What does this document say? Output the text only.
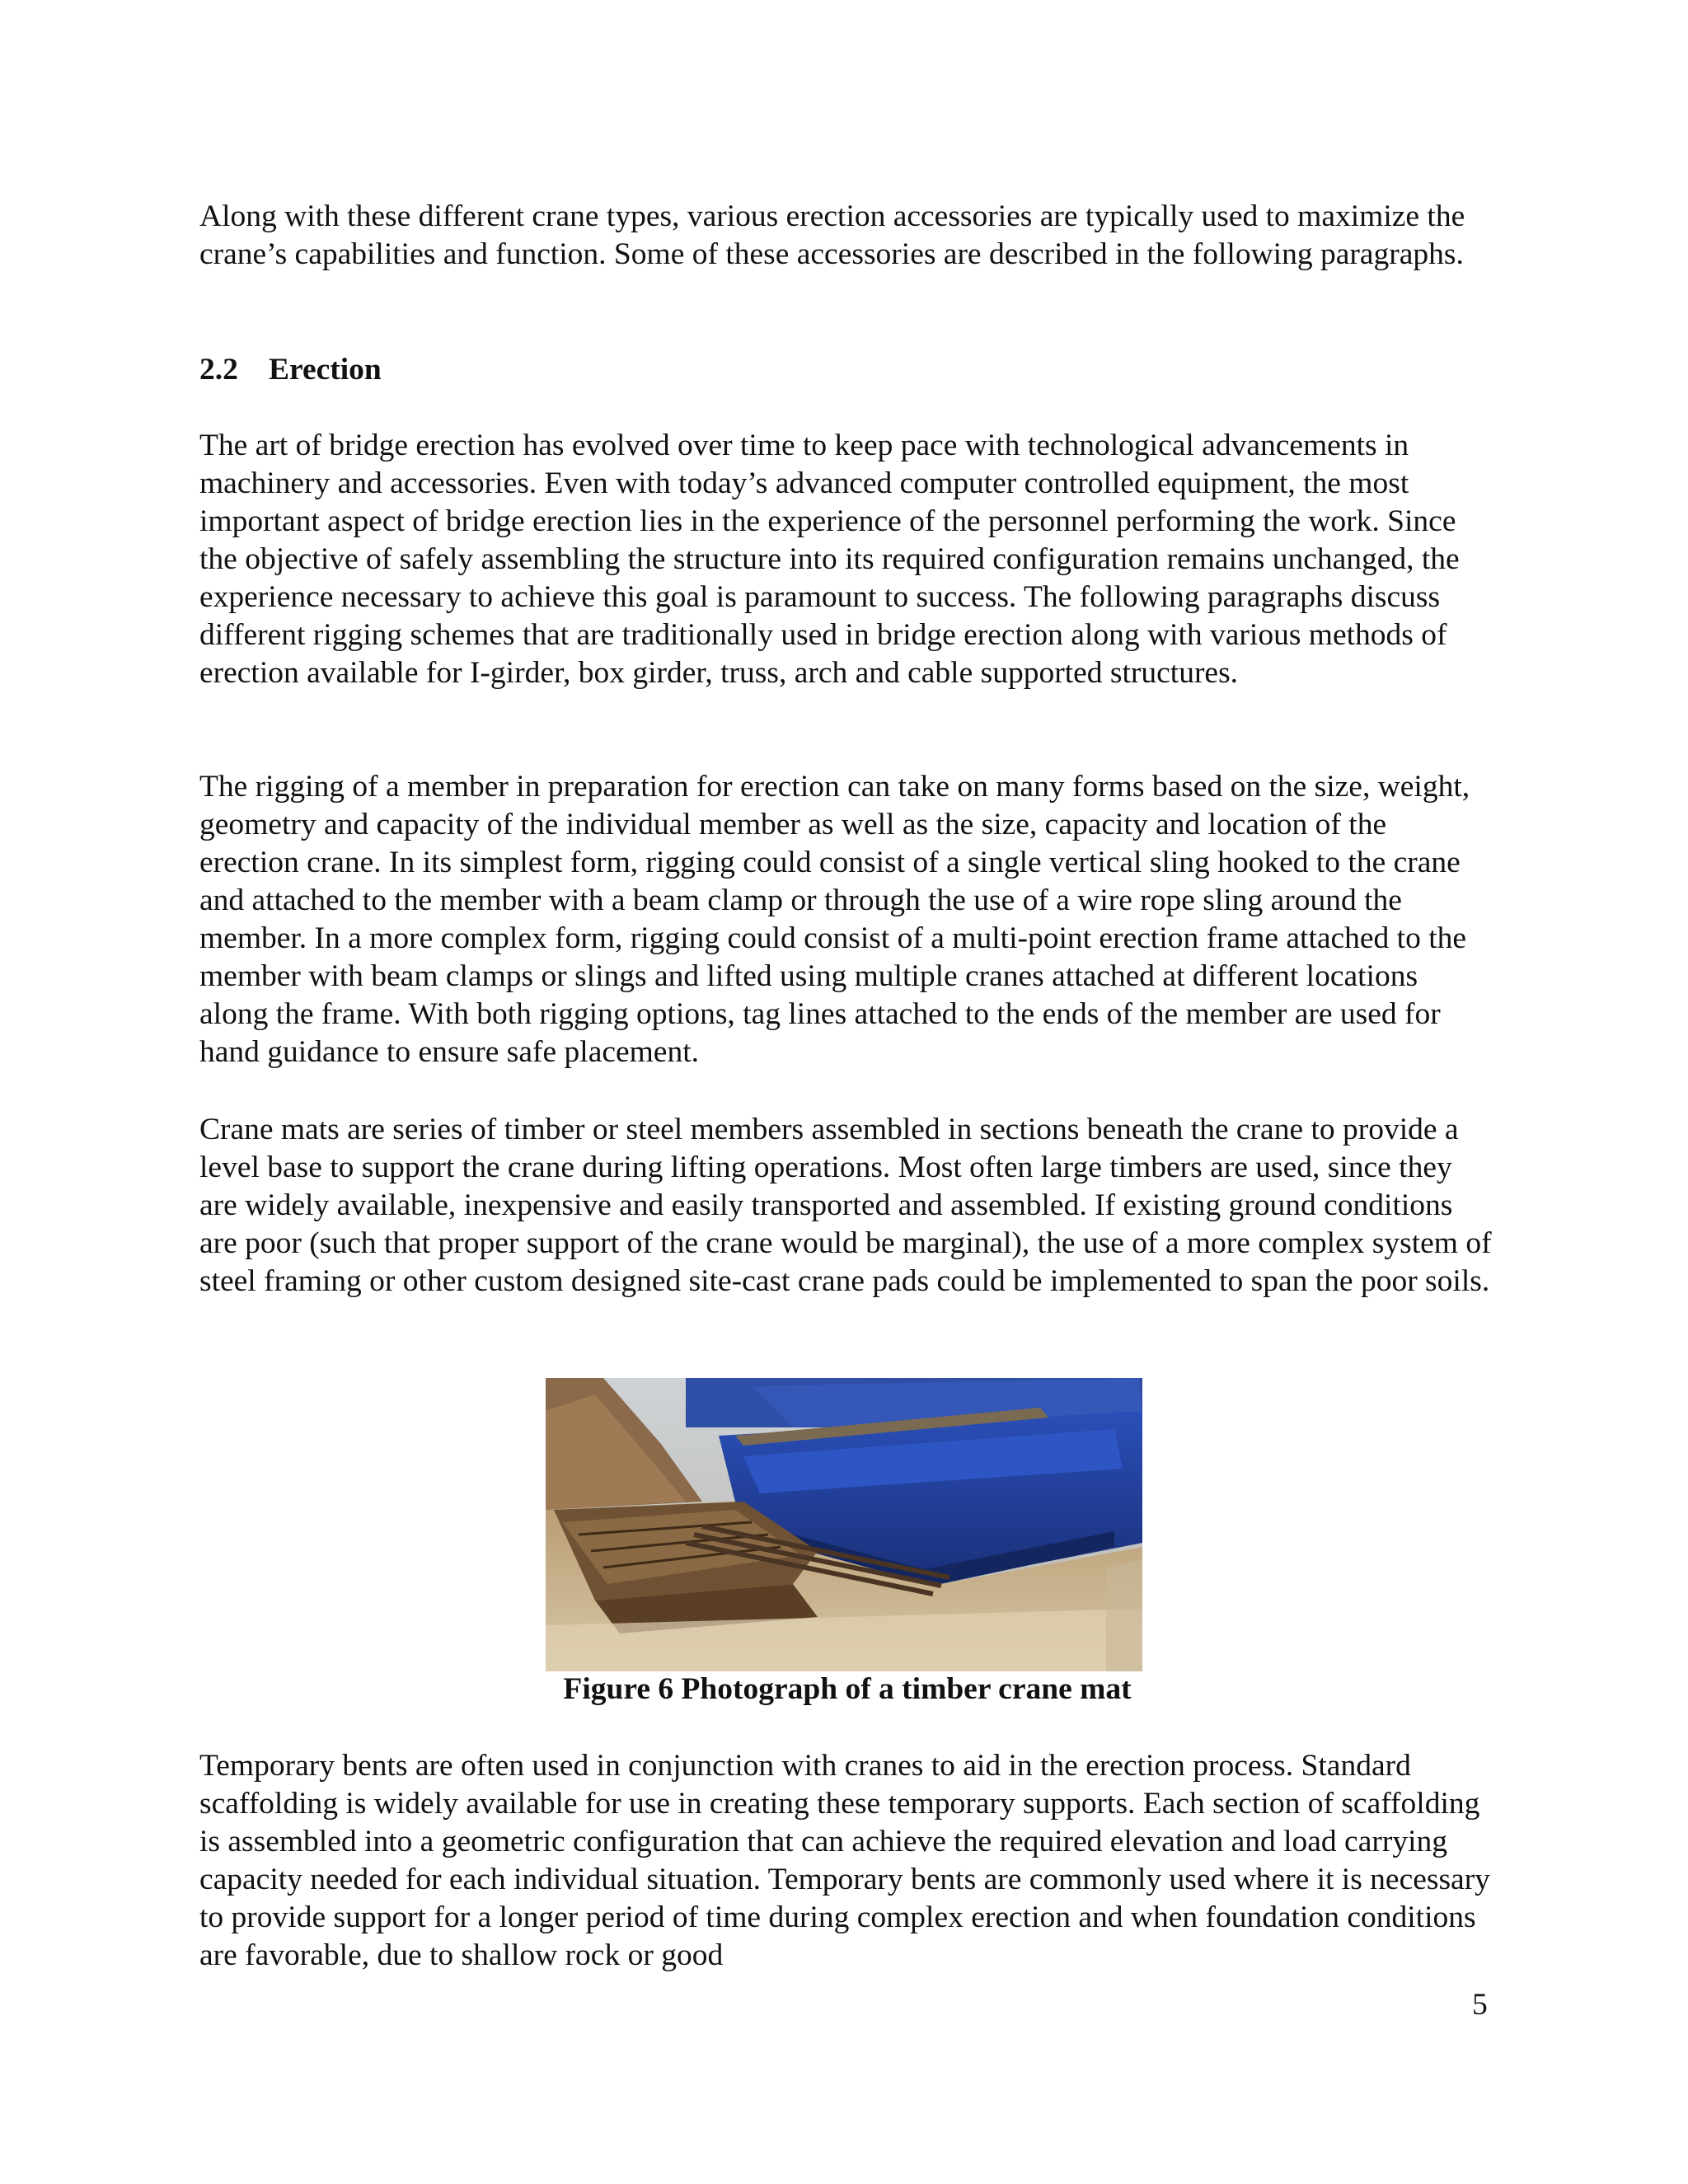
Along with these different crane types, various erection accessories are typically used to maximize the crane’s capabilities and function. Some of these accessories are described in the following paragraphs.

2.2 Erection

The art of bridge erection has evolved over time to keep pace with technological advancements in machinery and accessories. Even with today’s advanced computer controlled equipment, the most important aspect of bridge erection lies in the experience of the personnel performing the work. Since the objective of safely assembling the structure into its required configuration remains unchanged, the experience necessary to achieve this goal is paramount to success. The following paragraphs discuss different rigging schemes that are traditionally used in bridge erection along with various methods of erection available for I-girder, box girder, truss, arch and cable supported structures.

The rigging of a member in preparation for erection can take on many forms based on the size, weight, geometry and capacity of the individual member as well as the size, capacity and location of the erection crane. In its simplest form, rigging could consist of a single vertical sling hooked to the crane and attached to the member with a beam clamp or through the use of a wire rope sling around the member. In a more complex form, rigging could consist of a multi-point erection frame attached to the member with beam clamps or slings and lifted using multiple cranes attached at different locations along the frame. With both rigging options, tag lines attached to the ends of the member are used for hand guidance to ensure safe placement.

Crane mats are series of timber or steel members assembled in sections beneath the crane to provide a level base to support the crane during lifting operations. Most often large timbers are used, since they are widely available, inexpensive and easily transported and assembled. If existing ground conditions are poor (such that proper support of the crane would be marginal), the use of a more complex system of steel framing or other custom designed site-cast crane pads could be implemented to span the poor soils.

Figure 6 Photograph of a timber crane mat

Temporary bents are often used in conjunction with cranes to aid in the erection process. Standard scaffolding is widely available for use in creating these temporary supports. Each section of scaffolding is assembled into a geometric configuration that can achieve the required elevation and load carrying capacity needed for each individual situation. Temporary bents are commonly used where it is necessary to provide support for a longer period of time during complex erection and when foundation conditions are favorable, due to shallow rock or good

5
